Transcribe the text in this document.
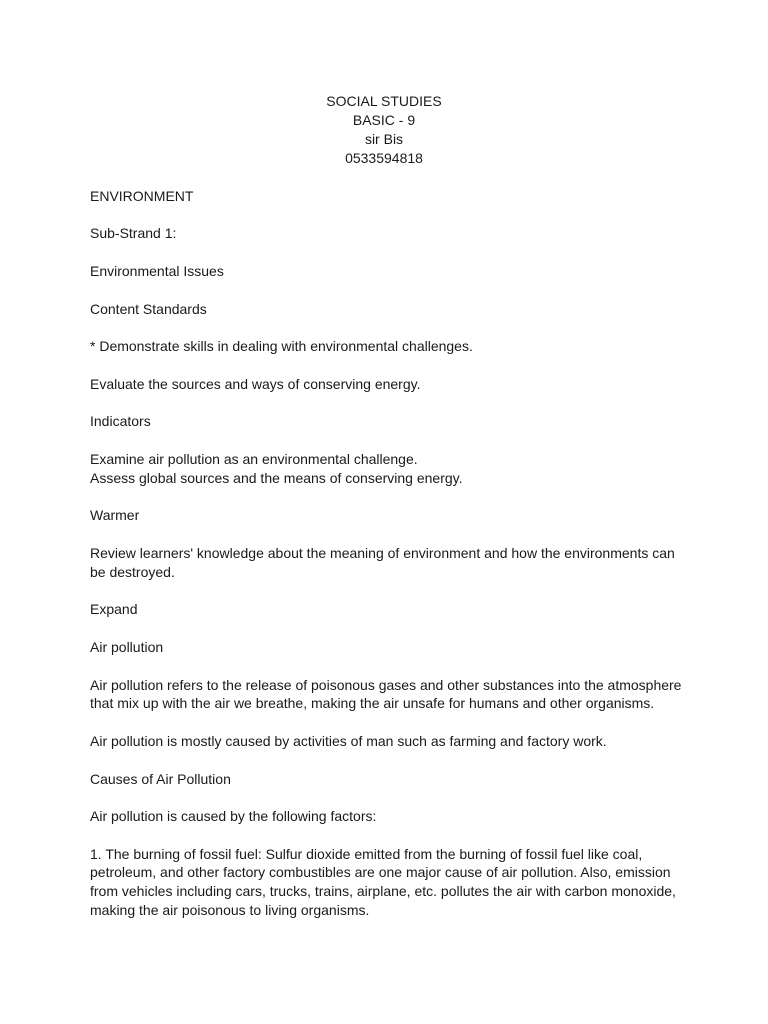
SOCIAL STUDIES
BASIC - 9
sir Bis
0533594818

ENVIRONMENT

Sub-Strand 1:

Environmental Issues

Content Standards

* Demonstrate skills in dealing with environmental challenges.

Evaluate the sources and ways of conserving energy.

Indicators

Examine air pollution as an environmental challenge.
Assess global sources and the means of conserving energy.

Warmer

Review learners' knowledge about the meaning of environment and how the environments can be destroyed.

Expand

Air pollution

Air pollution refers to the release of poisonous gases and other substances into the atmosphere that mix up with the air we breathe, making the air unsafe for humans and other organisms.

Air pollution is mostly caused by activities of man such as farming and factory work.

Causes of Air Pollution

Air pollution is caused by the following factors:

1. The burning of fossil fuel: Sulfur dioxide emitted from the burning of fossil fuel like coal, petroleum, and other factory combustibles are one major cause of air pollution. Also, emission from vehicles including cars, trucks, trains, airplane, etc. pollutes the air with carbon monoxide, making the air poisonous to living organisms.
